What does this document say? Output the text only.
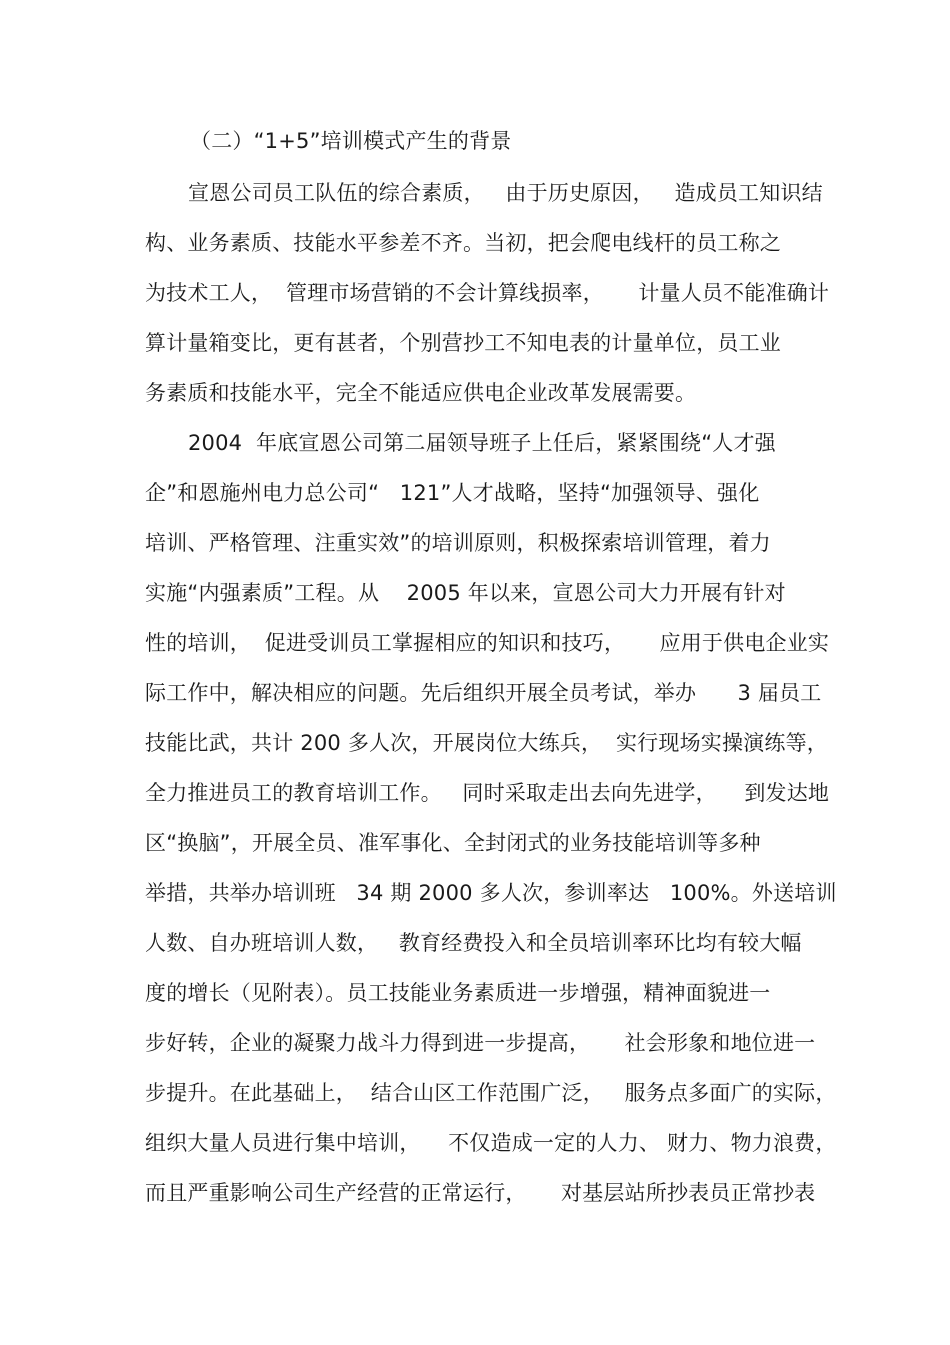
（二）“1+5”培训模式产生的背景
宣恩公司员工队伍的综合素质，   由于历史原因，   造成员工知识结
构、业务素质、技能水平参差不齐。当初，把会爬电线杆的员工称之
为技术工人，  管理市场营销的不会计算线损率，     计量人员不能准确计
算计量箱变比，更有甚者，个别营抄工不知电表的计量单位，员工业
务素质和技能水平，完全不能适应供电企业改革发展需要。
2004  年底宣恩公司第二届领导班子上任后，紧紧围绕“人才强
企”和恩施州电力总公司“   121”人才战略，坚持“加强领导、强化
培训、严格管理、注重实效”的培训原则，积极探索培训管理，着力
实施“内强素质”工程。从    2005 年以来，宣恩公司大力开展有针对
性的培训，  促进受训员工掌握相应的知识和技巧，     应用于供电企业实
际工作中，解决相应的问题。先后组织开展全员考试，举办      3 届员工
技能比武，共计 200 多人次，开展岗位大练兵，  实行现场实操演练等，
全力推进员工的教育培训工作。   同时采取走出去向先进学，    到发达地
区“换脑”，开展全员、准军事化、全封闭式的业务技能培训等多种
举措，共举办培训班   34 期 2000 多人次，参训率达   100%。外送培训
人数、自办班培训人数，   教育经费投入和全员培训率环比均有较大幅
度的增长（见附表）。员工技能业务素质进一步增强，精神面貌进一
步好转，企业的凝聚力战斗力得到进一步提高，     社会形象和地位进一
步提升。在此基础上，  结合山区工作范围广泛，   服务点多面广的实际，
组织大量人员进行集中培训，    不仅造成一定的人力、 财力、物力浪费，
而且严重影响公司生产经营的正常运行，     对基层站所抄表员正常抄表
